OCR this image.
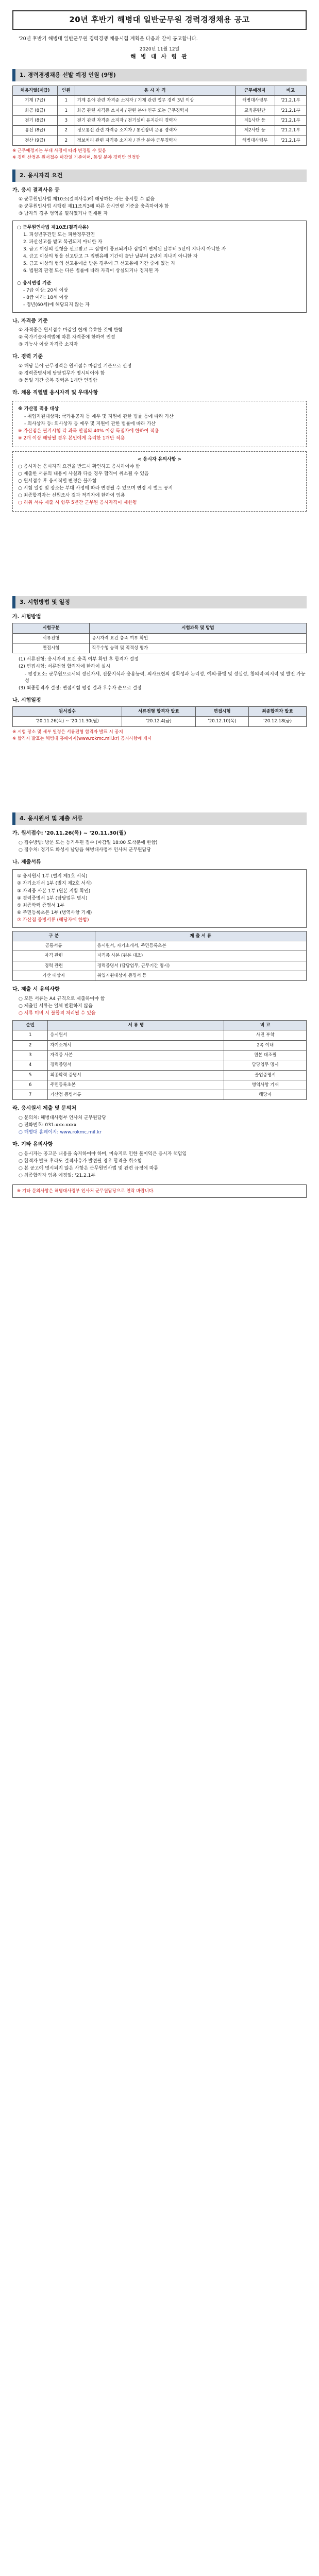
20년 후반기 해병대 일반군무원 경력경쟁채용 공고
'20년 후반기 해병대 일반군무원 경력경쟁 채용시험 계획을 다음과 같이 공고합니다.
2020년 11월 12일
해 병 대 사 령 관
1. 경력경쟁채용 선발 예정 인원 (9명)
채용직렬(계급)	인원	응 시 자 격	근무예정지	비고
기계 (7급)	1	기계 분야 관련 자격증 소지자 / 기계 관련 업무 경력 3년 이상	해병대사령부	'21.2.1부
화공 (8급)	1	화공 관련 자격증 소지자 / 관련 분야 연구 또는 근무경력자	교육훈련단	'21.2.1부
전기 (8급)	3	전기 관련 자격증 소지자 / 전기설비 유지관리 경력자	제1사단 등	'21.2.1부
통신 (8급)	2	정보통신 관련 자격증 소지자 / 통신장비 운용 경력자	제2사단 등	'21.2.1부
전산 (9급)	2	정보처리 관련 자격증 소지자 / 전산 분야 근무경력자	해병대사령부	'21.2.1부
※ 근무예정지는 부대 사정에 따라 변경될 수 있음
※ 경력 산정은 원서접수 마감일 기준이며, 동일 분야 경력만 인정함
2. 응시자격 요건
가. 응시 결격사유 등
① 군무원인사법 제10조(결격사유)에 해당하는 자는 응시할 수 없음
② 군무원인사법 시행령 제11조의3에 따른 응시연령 기준을 충족하여야 함
③ 남자의 경우 병역을 필하였거나 면제된 자
○ 군무원인사법 제10조(결격사유)
1. 피성년후견인 또는 피한정후견인
2. 파산선고를 받고 복권되지 아니한 자
3. 금고 이상의 실형을 선고받고 그 집행이 종료되거나 집행이 면제된 날부터 5년이 지나지 아니한 자
4. 금고 이상의 형을 선고받고 그 집행유예 기간이 끝난 날부터 2년이 지나지 아니한 자
5. 금고 이상의 형의 선고유예를 받은 경우에 그 선고유예 기간 중에 있는 자
6. 법원의 판결 또는 다른 법률에 따라 자격이 상실되거나 정지된 자
○ 응시연령 기준
- 7급 이상: 20세 이상
- 8급 이하: 18세 이상
- 정년(60세)에 해당되지 않는 자
나. 자격증 기준
① 자격증은 원서접수 마감일 현재 유효한 것에 한함
② 국가기술자격법에 따른 자격증에 한하여 인정
③ 기능사 이상 자격증 소지자
다. 경력 기준
① 해당 분야 근무경력은 원서접수 마감일 기준으로 산정
② 경력증명서에 담당업무가 명시되어야 함
③ 동일 기간 중복 경력은 1개만 인정함
라. 채용 직렬별 응시자격 및 우대사항
※ 가산점 적용 대상
- 취업지원대상자: 국가유공자 등 예우 및 지원에 관한 법률 등에 따라 가산
- 의사상자 등: 의사상자 등 예우 및 지원에 관한 법률에 따라 가산
※ 가산점은 필기시험 각 과목 만점의 40% 이상 득점자에 한하여 적용
※ 2개 이상 해당될 경우 본인에게 유리한 1개만 적용
< 응시자 유의사항 >
○ 응시자는 응시자격 요건을 반드시 확인하고 응시하여야 함
○ 제출한 서류의 내용이 사실과 다를 경우 합격이 취소될 수 있음
○ 원서접수 후 응시직렬 변경은 불가함
○ 시험 일정 및 장소는 부대 사정에 따라 변경될 수 있으며 변경 시 별도 공지
○ 최종합격자는 신원조사 결과 적격자에 한하여 임용
○ 허위 서류 제출 시 향후 5년간 군무원 응시자격이 제한됨
3. 시험방법 및 일정
가. 시험방법
시험구분	시험과목 및 방법
서류전형	응시자격 요건 충족 여부 확인
면접시험	직무수행 능력 및 적격성 평가
(1) 서류전형: 응시자격 요건 충족 여부 확인 후 합격자 결정
(2) 면접시험: 서류전형 합격자에 한하여 실시
- 평정요소: 군무원으로서의 정신자세, 전문지식과 응용능력, 의사표현의 정확성과 논리성, 예의·품행 및 성실성, 창의력·의지력 및 발전 가능성
(3) 최종합격자 결정: 면접시험 평정 결과 우수자 순으로 결정
나. 시험일정
원서접수	서류전형 합격자 발표	면접시험	최종합격자 발표
'20.11.26(목) ~ '20.11.30(월)	'20.12.4(금)	'20.12.10(목)	'20.12.18(금)
※ 시험 장소 및 세부 일정은 서류전형 합격자 발표 시 공지
※ 합격자 발표는 해병대 홈페이지(www.rokmc.mil.kr) 공지사항에 게시
4. 응시원서 및 제출 서류
가. 원서접수: '20.11.26(목) ~ '20.11.30(월)
○ 접수방법: 방문 또는 등기우편 접수 (마감일 18:00 도착분에 한함)
○ 접수처: 경기도 화성시 남양읍 해병대사령부 인사처 군무원담당
나. 제출서류
① 응시원서 1부 (별지 제1호 서식)
② 자기소개서 1부 (별지 제2호 서식)
③ 자격증 사본 1부 (원본 지참 확인)
④ 경력증명서 1부 (담당업무 명시)
⑤ 최종학력 증명서 1부
⑥ 주민등록초본 1부 (병역사항 기재)
⑦ 가산점 증빙서류 (해당자에 한함)
구 분	제 출 서 류
공통서류	응시원서, 자기소개서, 주민등록초본
자격 관련	자격증 사본 (원본 대조)
경력 관련	경력증명서 (담당업무, 근무기간 명시)
가산 대상자	취업지원대상자 증명서 등
다. 제출 시 유의사항
○ 모든 서류는 A4 규격으로 제출하여야 함
○ 제출된 서류는 일체 반환하지 않음
○ 서류 미비 시 불합격 처리될 수 있음
순번	서 류 명	비 고
1	응시원서	사진 부착
2	자기소개서	2쪽 이내
3	자격증 사본	원본 대조필
4	경력증명서	담당업무 명시
5	최종학력 증명서	졸업증명서
6	주민등록초본	병역사항 기재
7	가산점 증빙서류	해당자
라. 응시원서 제출 및 문의처
○ 문의처: 해병대사령부 인사처 군무원담당
○ 전화번호: 031-xxx-xxxx
○ 해병대 홈페이지: www.rokmc.mil.kr
마. 기타 유의사항
○ 응시자는 공고문 내용을 숙지하여야 하며, 미숙지로 인한 불이익은 응시자 책임임
○ 합격자 발표 후라도 결격사유가 발견될 경우 합격을 취소함
○ 본 공고에 명시되지 않은 사항은 군무원인사법 및 관련 규정에 따름
○ 최종합격자 임용 예정일: '21.2.1부
※ 기타 문의사항은 해병대사령부 인사처 군무원담당으로 연락 바랍니다.
